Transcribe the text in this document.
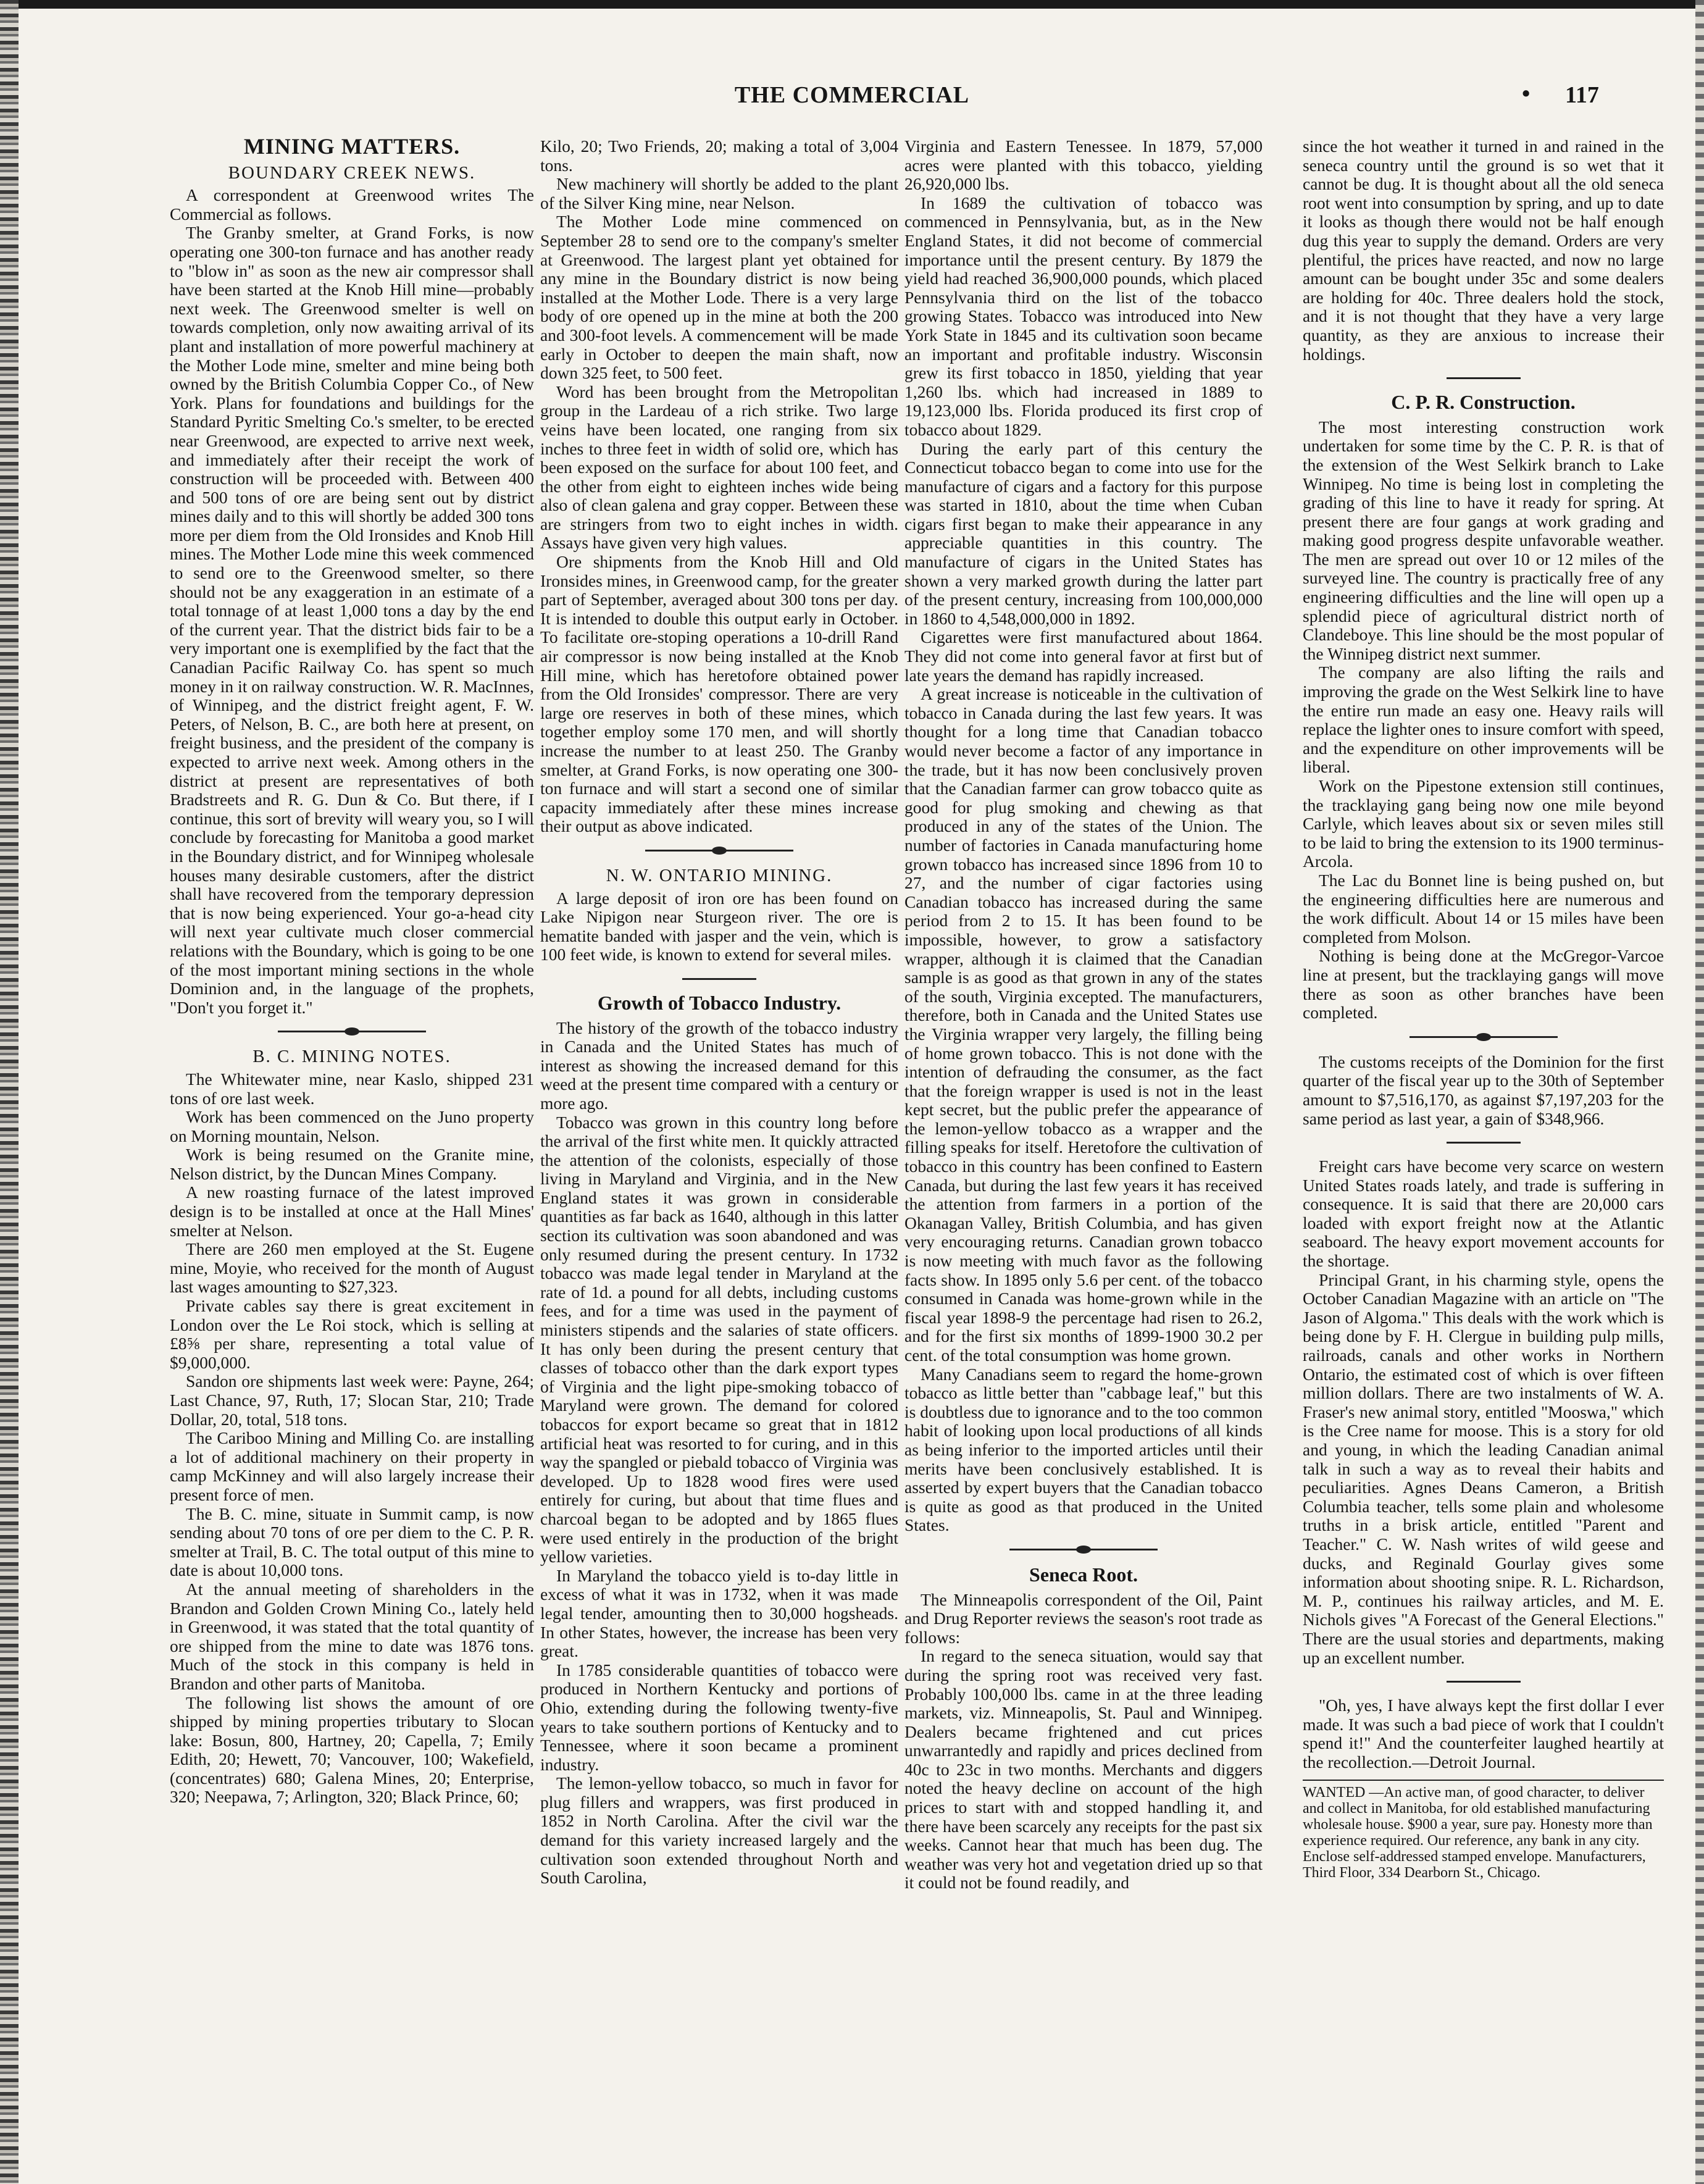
THE COMMERCIAL	• 117
MINING MATTERS.
BOUNDARY CREEK NEWS.

A correspondent at Greenwood writes The Commercial as follows.

The Granby smelter, at Grand Forks, is now operating one 300-ton furnace and has another ready to "blow in" as soon as the new air compressor shall have been started at the Knob Hill mine—probably next week. The Greenwood smelter is well on towards completion, only now awaiting arrival of its plant and installation of more powerful machinery at the Mother Lode mine, smelter and mine being both owned by the British Columbia Copper Co., of New York. Plans for foundations and buildings for the Standard Pyritic Smelting Co.'s smelter, to be erected near Greenwood, are expected to arrive next week, and immediately after their receipt the work of construction will be proceeded with. Between 400 and 500 tons of ore are being sent out by district mines daily and to this will shortly be added 300 tons more per diem from the Old Ironsides and Knob Hill mines. The Mother Lode mine this week commenced to send ore to the Greenwood smelter, so there should not be any exaggeration in an estimate of a total tonnage of at least 1,000 tons a day by the end of the current year. That the district bids fair to be a very important one is exemplified by the fact that the Canadian Pacific Railway Co. has spent so much money in it on railway construction. W. R. MacInnes, of Winnipeg, and the district freight agent, F. W. Peters, of Nelson, B. C., are both here at present, on freight business, and the president of the company is expected to arrive next week. Among others in the district at present are representatives of both Bradstreets and R. G. Dun & Co. But there, if I continue, this sort of brevity will weary you, so I will conclude by forecasting for Manitoba a good market in the Boundary district, and for Winnipeg wholesale houses many desirable customers, after the district shall have recovered from the temporary depression that is now being experienced. Your go-a-head city will next year cultivate much closer commercial relations with the Boundary, which is going to be one of the most important mining sections in the whole Dominion and, in the language of the prophets, "Don't you forget it."

B. C. MINING NOTES.

The Whitewater mine, near Kaslo, shipped 231 tons of ore last week.

Work has been commenced on the Juno property on Morning mountain, Nelson.

Work is being resumed on the Granite mine, Nelson district, by the Duncan Mines Company.

A new roasting furnace of the latest improved design is to be installed at once at the Hall Mines' smelter at Nelson.

There are 260 men employed at the St. Eugene mine, Moyie, who received for the month of August last wages amounting to $27,323.

Private cables say there is great excitement in London over the Le Roi stock, which is selling at £8⅝ per share, representing a total value of $9,000,000.

Sandon ore shipments last week were: Payne, 264; Last Chance, 97, Ruth, 17; Slocan Star, 210; Trade Dollar, 20, total, 518 tons.

The Cariboo Mining and Milling Co. are installing a lot of additional machinery on their property in camp McKinney and will also largely increase their present force of men.

The B. C. mine, situate in Summit camp, is now sending about 70 tons of ore per diem to the C. P. R. smelter at Trail, B. C. The total output of this mine to date is about 10,000 tons.

At the annual meeting of shareholders in the Brandon and Golden Crown Mining Co., lately held in Greenwood, it was stated that the total quantity of ore shipped from the mine to date was 1876 tons. Much of the stock in this company is held in Brandon and other parts of Manitoba.

The following list shows the amount of ore shipped by mining properties tributary to Slocan lake: Bosun, 800, Hartney, 20; Capella, 7; Emily Edith, 20; Hewett, 70; Vancouver, 100; Wakefield, (concentrates) 680; Galena Mines, 20; Enterprise, 320; Neepawa, 7; Arlington, 320; Black Prince, 60;

Kilo, 20; Two Friends, 20; making a total of 3,004 tons.

New machinery will shortly be added to the plant of the Silver King mine, near Nelson.

The Mother Lode mine commenced on September 28 to send ore to the company's smelter at Greenwood. The largest plant yet obtained for any mine in the Boundary district is now being installed at the Mother Lode. There is a very large body of ore opened up in the mine at both the 200 and 300-foot levels. A commencement will be made early in October to deepen the main shaft, now down 325 feet, to 500 feet.

Word has been brought from the Metropolitan group in the Lardeau of a rich strike. Two large veins have been located, one ranging from six inches to three feet in width of solid ore, which has been exposed on the surface for about 100 feet, and the other from eight to eighteen inches wide being also of clean galena and gray copper. Between these are stringers from two to eight inches in width. Assays have given very high values.

Ore shipments from the Knob Hill and Old Ironsides mines, in Greenwood camp, for the greater part of September, averaged about 300 tons per day. It is intended to double this output early in October. To facilitate ore-stoping operations a 10-drill Rand air compressor is now being installed at the Knob Hill mine, which has heretofore obtained power from the Old Ironsides' compressor. There are very large ore reserves in both of these mines, which together employ some 170 men, and will shortly increase the number to at least 250. The Granby smelter, at Grand Forks, is now operating one 300-ton furnace and will start a second one of similar capacity immediately after these mines increase their output as above indicated.

N. W. ONTARIO MINING.

A large deposit of iron ore has been found on Lake Nipigon near Sturgeon river. The ore is hematite banded with jasper and the vein, which is 100 feet wide, is known to extend for several miles.

Growth of Tobacco Industry.

The history of the growth of the tobacco industry in Canada and the United States has much of interest as showing the increased demand for this weed at the present time compared with a century or more ago.

Tobacco was grown in this country long before the arrival of the first white men. It quickly attracted the attention of the colonists, especially of those living in Maryland and Virginia, and in the New England states it was grown in considerable quantities as far back as 1640, although in this latter section its cultivation was soon abandoned and was only resumed during the present century. In 1732 tobacco was made legal tender in Maryland at the rate of 1d. a pound for all debts, including customs fees, and for a time was used in the payment of ministers stipends and the salaries of state officers. It has only been during the present century that classes of tobacco other than the dark export types of Virginia and the light pipe-smoking tobacco of Maryland were grown. The demand for colored tobaccos for export became so great that in 1812 artificial heat was resorted to for curing, and in this way the spangled or piebald tobacco of Virginia was developed. Up to 1828 wood fires were used entirely for curing, but about that time flues and charcoal began to be adopted and by 1865 flues were used entirely in the production of the bright yellow varieties.

In Maryland the tobacco yield is to-day little in excess of what it was in 1732, when it was made legal tender, amounting then to 30,000 hogsheads. In other States, however, the increase has been very great.

In 1785 considerable quantities of tobacco were produced in Northern Kentucky and portions of Ohio, extending during the following twenty-five years to take southern portions of Kentucky and to Tennessee, where it soon became a prominent industry.

The lemon-yellow tobacco, so much in favor for plug fillers and wrappers, was first produced in 1852 in North Carolina. After the civil war the demand for this variety increased largely and the cultivation soon extended throughout North and South Carolina,

Virginia and Eastern Tenessee. In 1879, 57,000 acres were planted with this tobacco, yielding 26,920,000 lbs.

In 1689 the cultivation of tobacco was commenced in Pennsylvania, but, as in the New England States, it did not become of commercial importance until the present century. By 1879 the yield had reached 36,900,000 pounds, which placed Pennsylvania third on the list of the tobacco growing States. Tobacco was introduced into New York State in 1845 and its cultivation soon became an important and profitable industry. Wisconsin grew its first tobacco in 1850, yielding that year 1,260 lbs. which had increased in 1889 to 19,123,000 lbs. Florida produced its first crop of tobacco about 1829.

During the early part of this century the Connecticut tobacco began to come into use for the manufacture of cigars and a factory for this purpose was started in 1810, about the time when Cuban cigars first began to make their appearance in any appreciable quantities in this country. The manufacture of cigars in the United States has shown a very marked growth during the latter part of the present century, increasing from 100,000,000 in 1860 to 4,548,000,000 in 1892.

Cigarettes were first manufactured about 1864. They did not come into general favor at first but of late years the demand has rapidly increased.

A great increase is noticeable in the cultivation of tobacco in Canada during the last few years. It was thought for a long time that Canadian tobacco would never become a factor of any importance in the trade, but it has now been conclusively proven that the Canadian farmer can grow tobacco quite as good for plug smoking and chewing as that produced in any of the states of the Union. The number of factories in Canada manufacturing home grown tobacco has increased since 1896 from 10 to 27, and the number of cigar factories using Canadian tobacco has increased during the same period from 2 to 15. It has been found to be impossible, however, to grow a satisfactory wrapper, although it is claimed that the Canadian sample is as good as that grown in any of the states of the south, Virginia excepted. The manufacturers, therefore, both in Canada and the United States use the Virginia wrapper very largely, the filling being of home grown tobacco. This is not done with the intention of defrauding the consumer, as the fact that the foreign wrapper is used is not in the least kept secret, but the public prefer the appearance of the lemon-yellow tobacco as a wrapper and the filling speaks for itself. Heretofore the cultivation of tobacco in this country has been confined to Eastern Canada, but during the last few years it has received the attention from farmers in a portion of the Okanagan Valley, British Columbia, and has given very encouraging returns. Canadian grown tobacco is now meeting with much favor as the following facts show. In 1895 only 5.6 per cent. of the tobacco consumed in Canada was home-grown while in the fiscal year 1898-9 the percentage had risen to 26.2, and for the first six months of 1899-1900 30.2 per cent. of the total consumption was home grown.

Many Canadians seem to regard the home-grown tobacco as little better than "cabbage leaf," but this is doubtless due to ignorance and to the too common habit of looking upon local productions of all kinds as being inferior to the imported articles until their merits have been conclusively established. It is asserted by expert buyers that the Canadian tobacco is quite as good as that produced in the United States.

Seneca Root.

The Minneapolis correspondent of the Oil, Paint and Drug Reporter reviews the season's root trade as follows:

In regard to the seneca situation, would say that during the spring root was received very fast. Probably 100,000 lbs. came in at the three leading markets, viz. Minneapolis, St. Paul and Winnipeg. Dealers became frightened and cut prices unwarrantedly and rapidly and prices declined from 40c to 23c in two months. Merchants and diggers noted the heavy decline on account of the high prices to start with and stopped handling it, and there have been scarcely any receipts for the past six weeks. Cannot hear that much has been dug. The weather was very hot and vegetation dried up so that it could not be found readily, and

since the hot weather it turned in and rained in the seneca country until the ground is so wet that it cannot be dug. It is thought about all the old seneca root went into consumption by spring, and up to date it looks as though there would not be half enough dug this year to supply the demand. Orders are very plentiful, the prices have reacted, and now no large amount can be bought under 35c and some dealers are holding for 40c. Three dealers hold the stock, and it is not thought that they have a very large quantity, as they are anxious to increase their holdings.

C. P. R. Construction.

The most interesting construction work undertaken for some time by the C. P. R. is that of the extension of the West Selkirk branch to Lake Winnipeg. No time is being lost in completing the grading of this line to have it ready for spring. At present there are four gangs at work grading and making good progress despite unfavorable weather. The men are spread out over 10 or 12 miles of the surveyed line. The country is practically free of any engineering difficulties and the line will open up a splendid piece of agricultural district north of Clandeboye. This line should be the most popular of the Winnipeg district next summer.

The company are also lifting the rails and improving the grade on the West Selkirk line to have the entire run made an easy one. Heavy rails will replace the lighter ones to insure comfort with speed, and the expenditure on other improvements will be liberal.

Work on the Pipestone extension still continues, the tracklaying gang being now one mile beyond Carlyle, which leaves about six or seven miles still to be laid to bring the extension to its 1900 terminus-Arcola.

The Lac du Bonnet line is being pushed on, but the engineering difficulties here are numerous and the work difficult. About 14 or 15 miles have been completed from Molson.

Nothing is being done at the McGregor-Varcoe line at present, but the tracklaying gangs will move there as soon as other branches have been completed.

The customs receipts of the Dominion for the first quarter of the fiscal year up to the 30th of September amount to $7,516,170, as against $7,197,203 for the same period as last year, a gain of $348,966.

Freight cars have become very scarce on western United States roads lately, and trade is suffering in consequence. It is said that there are 20,000 cars loaded with export freight now at the Atlantic seaboard. The heavy export movement accounts for the shortage.

Principal Grant, in his charming style, opens the October Canadian Magazine with an article on "The Jason of Algoma." This deals with the work which is being done by F. H. Clergue in building pulp mills, railroads, canals and other works in Northern Ontario, the estimated cost of which is over fifteen million dollars. There are two instalments of W. A. Fraser's new animal story, entitled "Mooswa," which is the Cree name for moose. This is a story for old and young, in which the leading Canadian animal talk in such a way as to reveal their habits and peculiarities. Agnes Deans Cameron, a British Columbia teacher, tells some plain and wholesome truths in a brisk article, entitled "Parent and Teacher." C. W. Nash writes of wild geese and ducks, and Reginald Gourlay gives some information about shooting snipe. R. L. Richardson, M. P., continues his railway articles, and M. E. Nichols gives "A Forecast of the General Elections." There are the usual stories and departments, making up an excellent number.

"Oh, yes, I have always kept the first dollar I ever made. It was such a bad piece of work that I couldn't spend it!" And the counterfeiter laughed heartily at the recollection.—Detroit Journal.

WANTED —An active man, of good character, to deliver and collect in Manitoba, for old established manufacturing wholesale house. $900 a year, sure pay. Honesty more than experience required. Our reference, any bank in any city. Enclose self-addressed stamped envelope. Manufacturers, Third Floor, 334 Dearborn St., Chicago.
